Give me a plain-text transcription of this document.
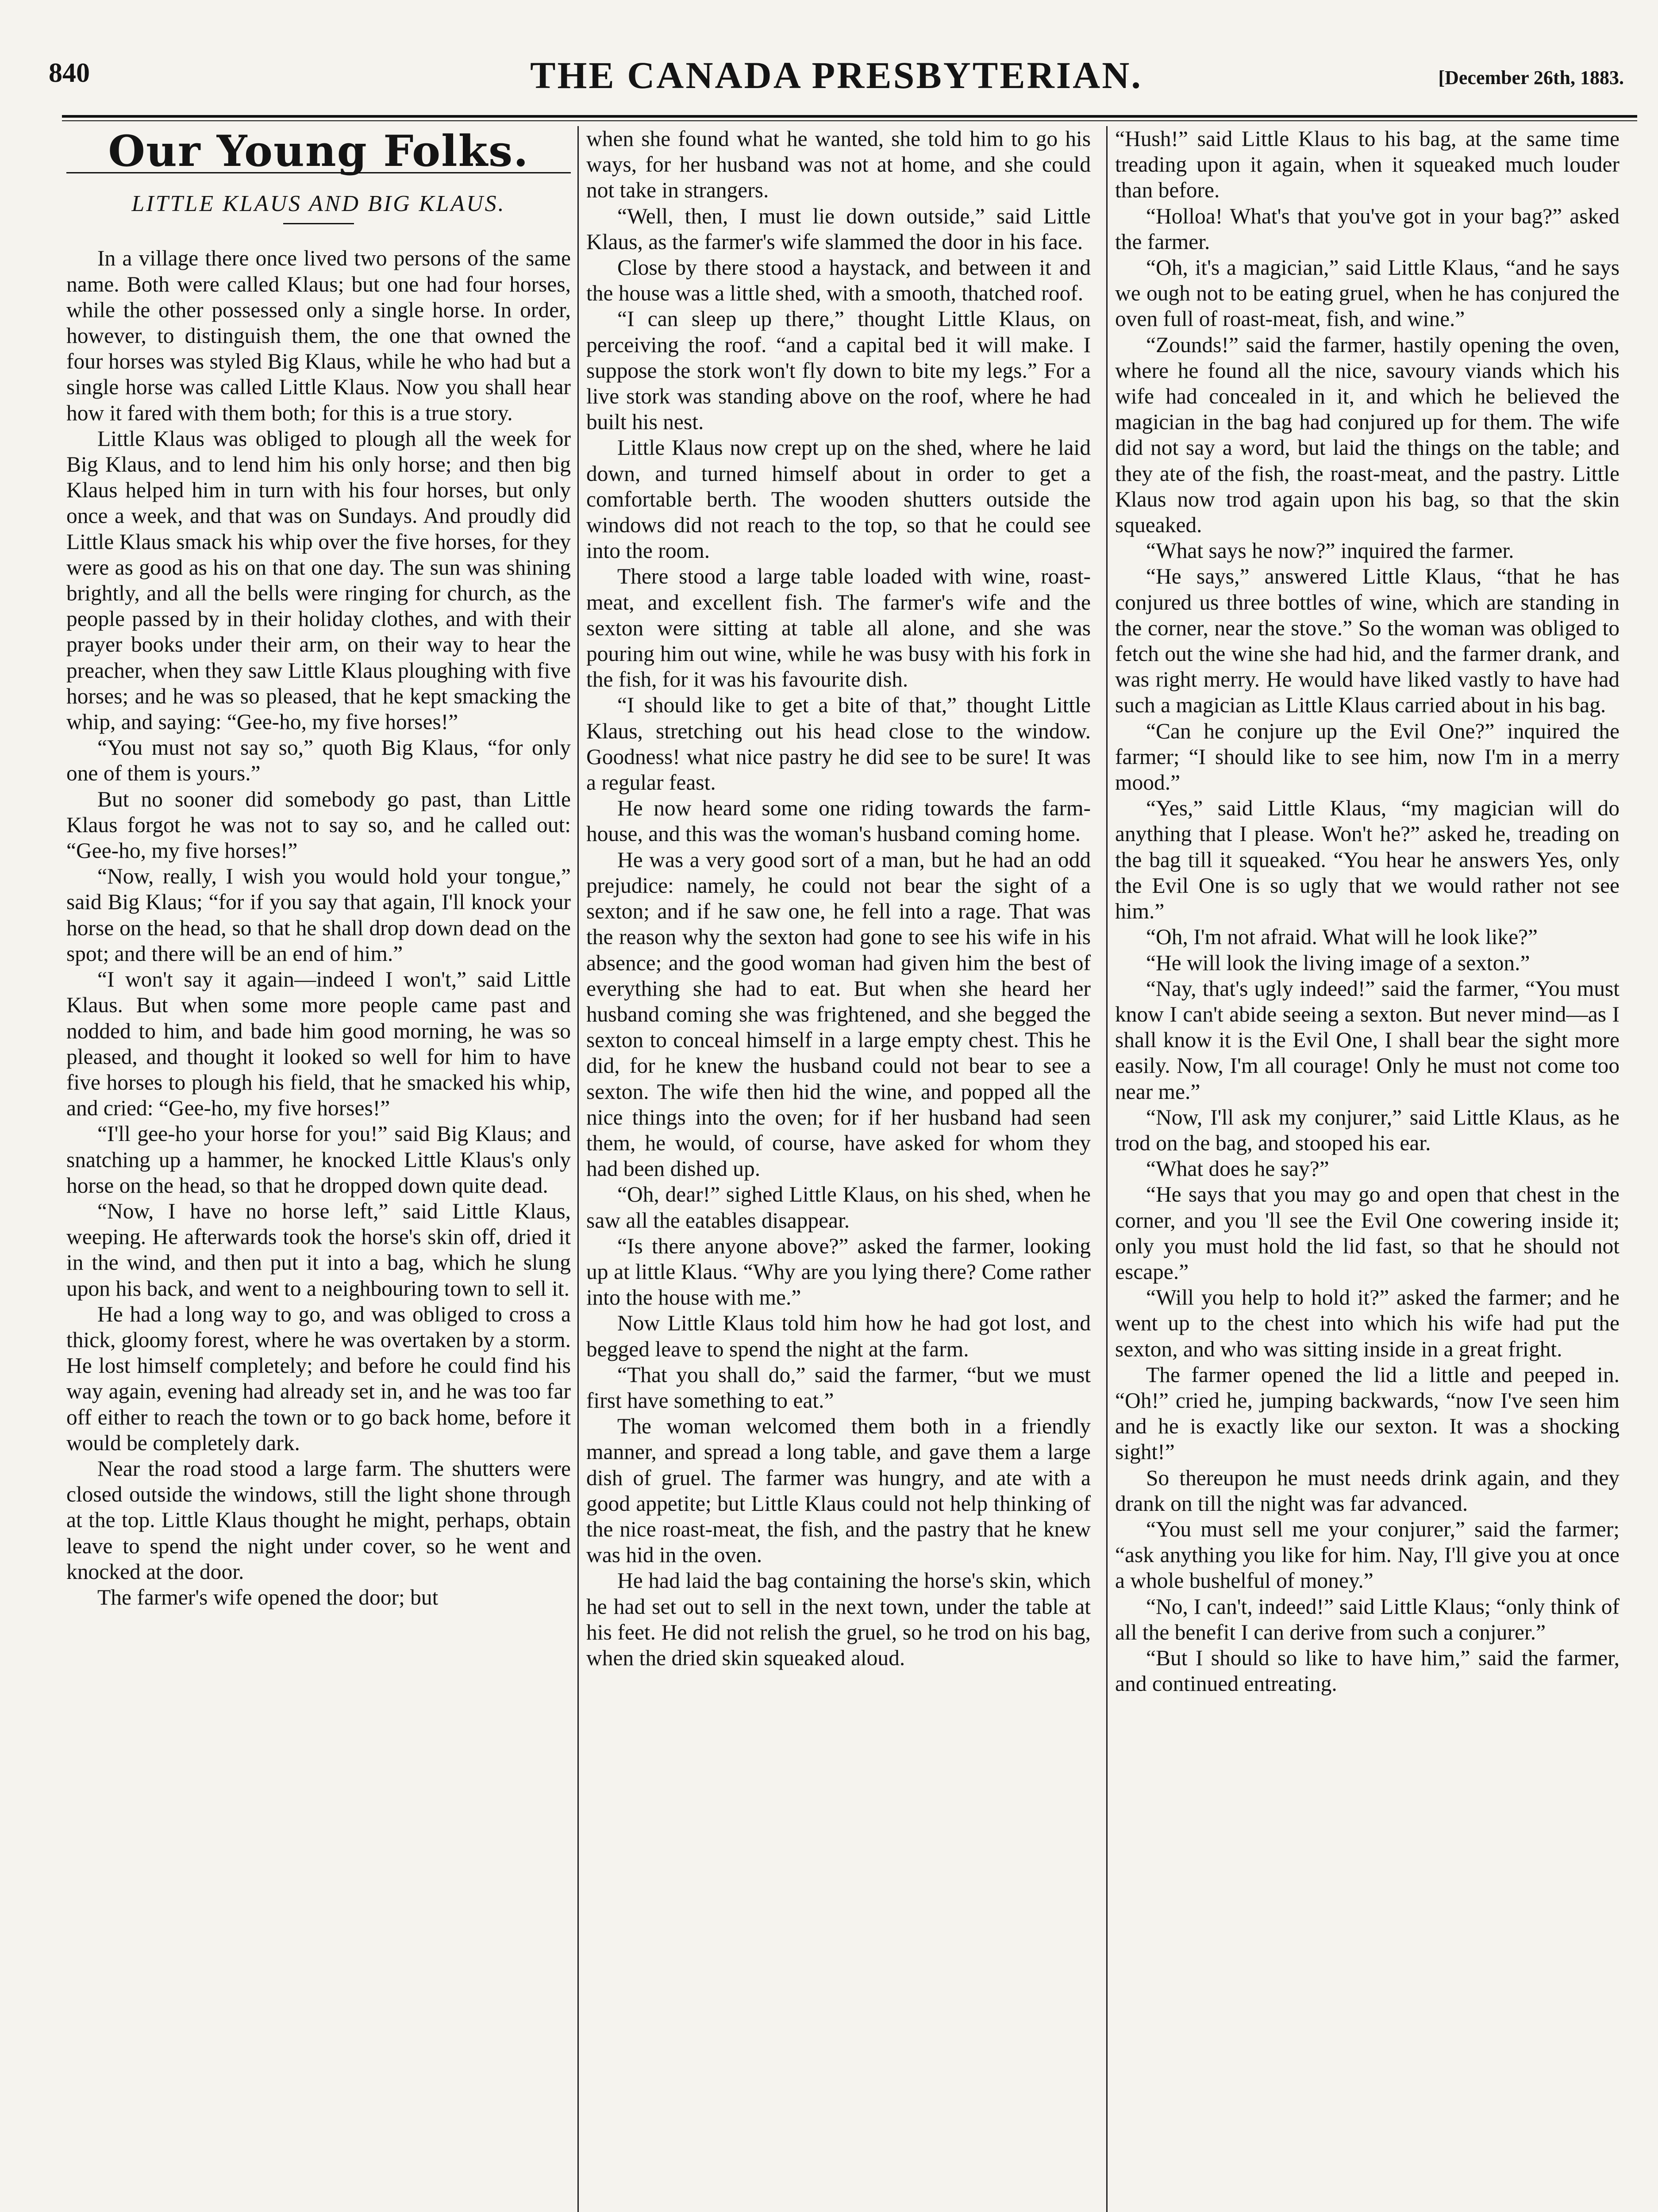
840	THE CANADA PRESBYTERIAN.	[December 26th, 1883.
Our Young Folks.
LITTLE KLAUS AND BIG KLAUS.

In a village there once lived two persons of the same name. Both were called Klaus; but one had four horses, while the other possessed only a single horse. In order, however, to distinguish them, the one that owned the four horses was styled Big Klaus, while he who had but a single horse was called Little Klaus. Now you shall hear how it fared with them both; for this is a true story.

Little Klaus was obliged to plough all the week for Big Klaus, and to lend him his only horse; and then big Klaus helped him in turn with his four horses, but only once a week, and that was on Sundays. And proudly did Little Klaus smack his whip over the five horses, for they were as good as his on that one day. The sun was shining brightly, and all the bells were ringing for church, as the people passed by in their holiday clothes, and with their prayer books under their arm, on their way to hear the preacher, when they saw Little Klaus ploughing with five horses; and he was so pleased, that he kept smacking the whip, and saying: “Gee-ho, my five horses!”

“You must not say so,” quoth Big Klaus, “for only one of them is yours.”

But no sooner did somebody go past, than Little Klaus forgot he was not to say so, and he called out: “Gee-ho, my five horses!”

“Now, really, I wish you would hold your tongue,” said Big Klaus; “for if you say that again, I'll knock your horse on the head, so that he shall drop down dead on the spot; and there will be an end of him.”

“I won't say it again—indeed I won't,” said Little Klaus. But when some more people came past and nodded to him, and bade him good morning, he was so pleased, and thought it looked so well for him to have five horses to plough his field, that he smacked his whip, and cried: “Gee-ho, my five horses!”

“I'll gee-ho your horse for you!” said Big Klaus; and snatching up a hammer, he knocked Little Klaus's only horse on the head, so that he dropped down quite dead.

“Now, I have no horse left,” said Little Klaus, weeping. He afterwards took the horse's skin off, dried it in the wind, and then put it into a bag, which he slung upon his back, and went to a neighbouring town to sell it.

He had a long way to go, and was obliged to cross a thick, gloomy forest, where he was overtaken by a storm. He lost himself completely; and before he could find his way again, evening had already set in, and he was too far off either to reach the town or to go back home, before it would be completely dark.

Near the road stood a large farm. The shutters were closed outside the windows, still the light shone through at the top. Little Klaus thought he might, perhaps, obtain leave to spend the night under cover, so he went and knocked at the door.

The farmer's wife opened the door; but

when she found what he wanted, she told him to go his ways, for her husband was not at home, and she could not take in strangers.

“Well, then, I must lie down outside,” said Little Klaus, as the farmer's wife slammed the door in his face.

Close by there stood a haystack, and between it and the house was a little shed, with a smooth, thatched roof.

“I can sleep up there,” thought Little Klaus, on perceiving the roof. “and a capital bed it will make. I suppose the stork won't fly down to bite my legs.” For a live stork was standing above on the roof, where he had built his nest.

Little Klaus now crept up on the shed, where he laid down, and turned himself about in order to get a comfortable berth. The wooden shutters outside the windows did not reach to the top, so that he could see into the room.

There stood a large table loaded with wine, roast-meat, and excellent fish. The farmer's wife and the sexton were sitting at table all alone, and she was pouring him out wine, while he was busy with his fork in the fish, for it was his favourite dish.

“I should like to get a bite of that,” thought Little Klaus, stretching out his head close to the window. Goodness! what nice pastry he did see to be sure! It was a regular feast.

He now heard some one riding towards the farm-house, and this was the woman's husband coming home.

He was a very good sort of a man, but he had an odd prejudice: namely, he could not bear the sight of a sexton; and if he saw one, he fell into a rage. That was the reason why the sexton had gone to see his wife in his absence; and the good woman had given him the best of everything she had to eat. But when she heard her husband coming she was frightened, and she begged the sexton to conceal himself in a large empty chest. This he did, for he knew the husband could not bear to see a sexton. The wife then hid the wine, and popped all the nice things into the oven; for if her husband had seen them, he would, of course, have asked for whom they had been dished up.

“Oh, dear!” sighed Little Klaus, on his shed, when he saw all the eatables disappear.

“Is there anyone above?” asked the farmer, looking up at little Klaus. “Why are you lying there? Come rather into the house with me.”

Now Little Klaus told him how he had got lost, and begged leave to spend the night at the farm.

“That you shall do,” said the farmer, “but we must first have something to eat.”

The woman welcomed them both in a friendly manner, and spread a long table, and gave them a large dish of gruel. The farmer was hungry, and ate with a good appetite; but Little Klaus could not help thinking of the nice roast-meat, the fish, and the pastry that he knew was hid in the oven.

He had laid the bag containing the horse's skin, which he had set out to sell in the next town, under the table at his feet. He did not relish the gruel, so he trod on his bag, when the dried skin squeaked aloud.

“Hush!” said Little Klaus to his bag, at the same time treading upon it again, when it squeaked much louder than before.

“Holloa! What's that you've got in your bag?” asked the farmer.

“Oh, it's a magician,” said Little Klaus, “and he says we ough not to be eating gruel, when he has conjured the oven full of roast-meat, fish, and wine.”

“Zounds!” said the farmer, hastily opening the oven, where he found all the nice, savoury viands which his wife had concealed in it, and which he believed the magician in the bag had conjured up for them. The wife did not say a word, but laid the things on the table; and they ate of the fish, the roast-meat, and the pastry. Little Klaus now trod again upon his bag, so that the skin squeaked.

“What says he now?” inquired the farmer.

“He says,” answered Little Klaus, “that he has conjured us three bottles of wine, which are standing in the corner, near the stove.” So the woman was obliged to fetch out the wine she had hid, and the farmer drank, and was right merry. He would have liked vastly to have had such a magician as Little Klaus carried about in his bag.

“Can he conjure up the Evil One?” inquired the farmer; “I should like to see him, now I'm in a merry mood.”

“Yes,” said Little Klaus, “my magician will do anything that I please. Won't he?” asked he, treading on the bag till it squeaked. “You hear he answers Yes, only the Evil One is so ugly that we would rather not see him.”

“Oh, I'm not afraid. What will he look like?”

“He will look the living image of a sexton.”

“Nay, that's ugly indeed!” said the farmer, “You must know I can't abide seeing a sexton. But never mind—as I shall know it is the Evil One, I shall bear the sight more easily. Now, I'm all courage! Only he must not come too near me.”

“Now, I'll ask my conjurer,” said Little Klaus, as he trod on the bag, and stooped his ear.

“What does he say?”

“He says that you may go and open that chest in the corner, and you 'll see the Evil One cowering inside it; only you must hold the lid fast, so that he should not escape.”

“Will you help to hold it?” asked the farmer; and he went up to the chest into which his wife had put the sexton, and who was sitting inside in a great fright.

The farmer opened the lid a little and peeped in. “Oh!” cried he, jumping backwards, “now I've seen him and he is exactly like our sexton. It was a shocking sight!”

So thereupon he must needs drink again, and they drank on till the night was far advanced.

“You must sell me your conjurer,” said the farmer; “ask anything you like for him. Nay, I'll give you at once a whole bushelful of money.”

“No, I can't, indeed!” said Little Klaus; “only think of all the benefit I can derive from such a conjurer.”

“But I should so like to have him,” said the farmer, and continued entreating.
